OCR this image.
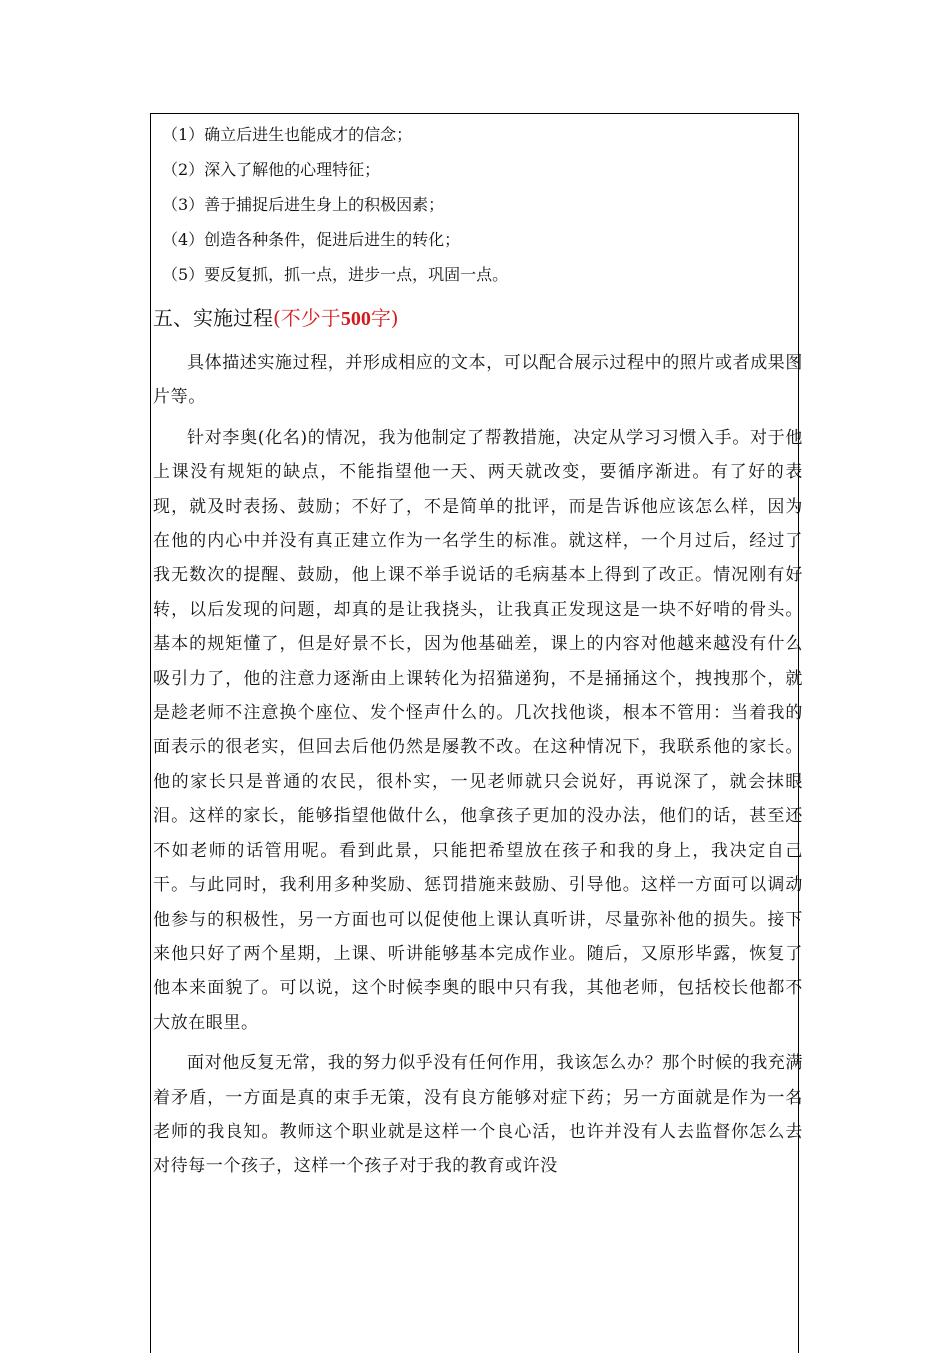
（1）确立后进生也能成才的信念；
（2）深入了解他的心理特征；
（3）善于捕捉后进生身上的积极因素；
（4）创造各种条件，促进后进生的转化；
（5）要反复抓，抓一点，进步一点，巩固一点。
五、实施过程(不少于500字)

具体描述实施过程，并形成相应的文本，可以配合展示过程中的照片或者成果图片等。

针对李奥(化名)的情况，我为他制定了帮教措施，决定从学习习惯入手。对于他上课没有规矩的缺点，不能指望他一天、两天就改变，要循序渐进。有了好的表现，就及时表扬、鼓励；不好了，不是简单的批评，而是告诉他应该怎么样，因为在他的内心中并没有真正建立作为一名学生的标准。就这样，一个月过后，经过了我无数次的提醒、鼓励，他上课不举手说话的毛病基本上得到了改正。情况刚有好转，以后发现的问题，却真的是让我挠头，让我真正发现这是一块不好啃的骨头。基本的规矩懂了，但是好景不长，因为他基础差，课上的内容对他越来越没有什么吸引力了，他的注意力逐渐由上课转化为招猫递狗，不是捅捅这个，拽拽那个，就是趁老师不注意换个座位、发个怪声什么的。几次找他谈，根本不管用：当着我的面表示的很老实，但回去后他仍然是屡教不改。在这种情况下，我联系他的家长。他的家长只是普通的农民，很朴实，一见老师就只会说好，再说深了，就会抹眼泪。这样的家长，能够指望他做什么，他拿孩子更加的没办法，他们的话，甚至还不如老师的话管用呢。看到此景，只能把希望放在孩子和我的身上，我决定自己干。与此同时，我利用多种奖励、惩罚措施来鼓励、引导他。这样一方面可以调动他参与的积极性，另一方面也可以促使他上课认真听讲，尽量弥补他的损失。接下来他只好了两个星期，上课、听讲能够基本完成作业。随后，又原形毕露，恢复了他本来面貌了。可以说，这个时候李奥的眼中只有我，其他老师，包括校长他都不大放在眼里。

面对他反复无常，我的努力似乎没有任何作用，我该怎么办？那个时候的我充满着矛盾，一方面是真的束手无策，没有良方能够对症下药；另一方面就是作为一名老师的我良知。教师这个职业就是这样一个良心活，也许并没有人去监督你怎么去对待每一个孩子，这样一个孩子对于我的教育或许没
